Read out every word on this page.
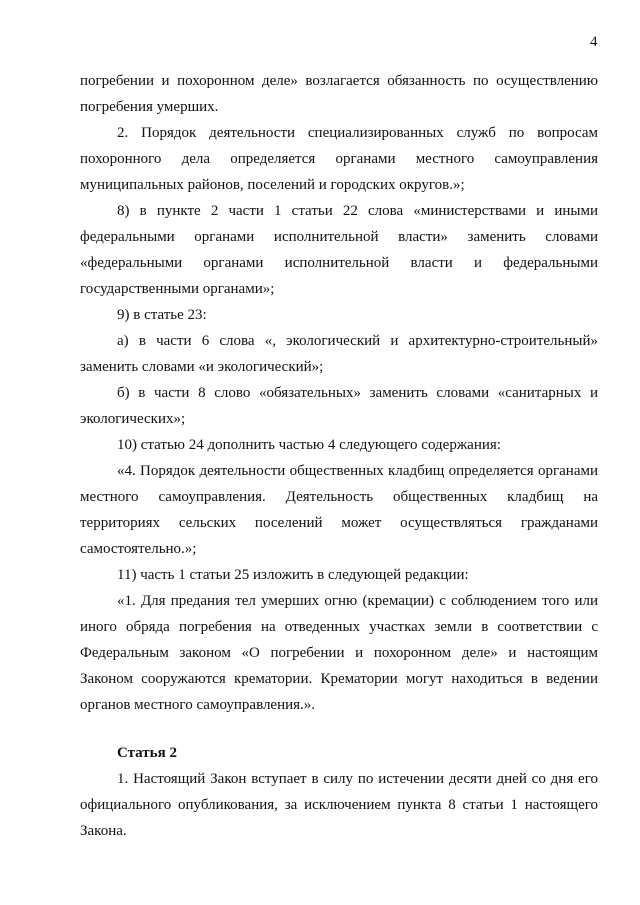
4
погребении и похоронном деле» возлагается обязанность по осуществлению
погребения умерших.
2. Порядок деятельности специализированных служб по вопросам
похоронного дела определяется органами местного самоуправления
муниципальных районов, поселений и городских округов.»;
8) в пункте 2 части 1 статьи 22 слова «министерствами и иными
федеральными органами исполнительной власти» заменить словами
«федеральными органами исполнительной власти и федеральными
государственными органами»;
9) в статье 23:
а) в части 6 слова «, экологический и архитектурно-строительный»
заменить словами «и экологический»;
б) в части 8 слово «обязательных» заменить словами «санитарных и
экологических»;
10) статью 24 дополнить частью 4 следующего содержания:
«4. Порядок деятельности общественных кладбищ определяется органами
местного самоуправления. Деятельность общественных кладбищ на
территориях сельских поселений может осуществляться гражданами
самостоятельно.»;
11) часть 1 статьи 25 изложить в следующей редакции:
«1. Для предания тел умерших огню (кремации) с соблюдением того или
иного обряда погребения на отведенных участках земли в соответствии с
Федеральным законом «О погребении и похоронном деле» и настоящим
Законом сооружаются крематории. Крематории могут находиться в ведении
органов местного самоуправления.».
Статья 2
1. Настоящий Закон вступает в силу по истечении десяти дней со дня его
официального опубликования, за исключением пункта 8 статьи 1 настоящего
Закона.
